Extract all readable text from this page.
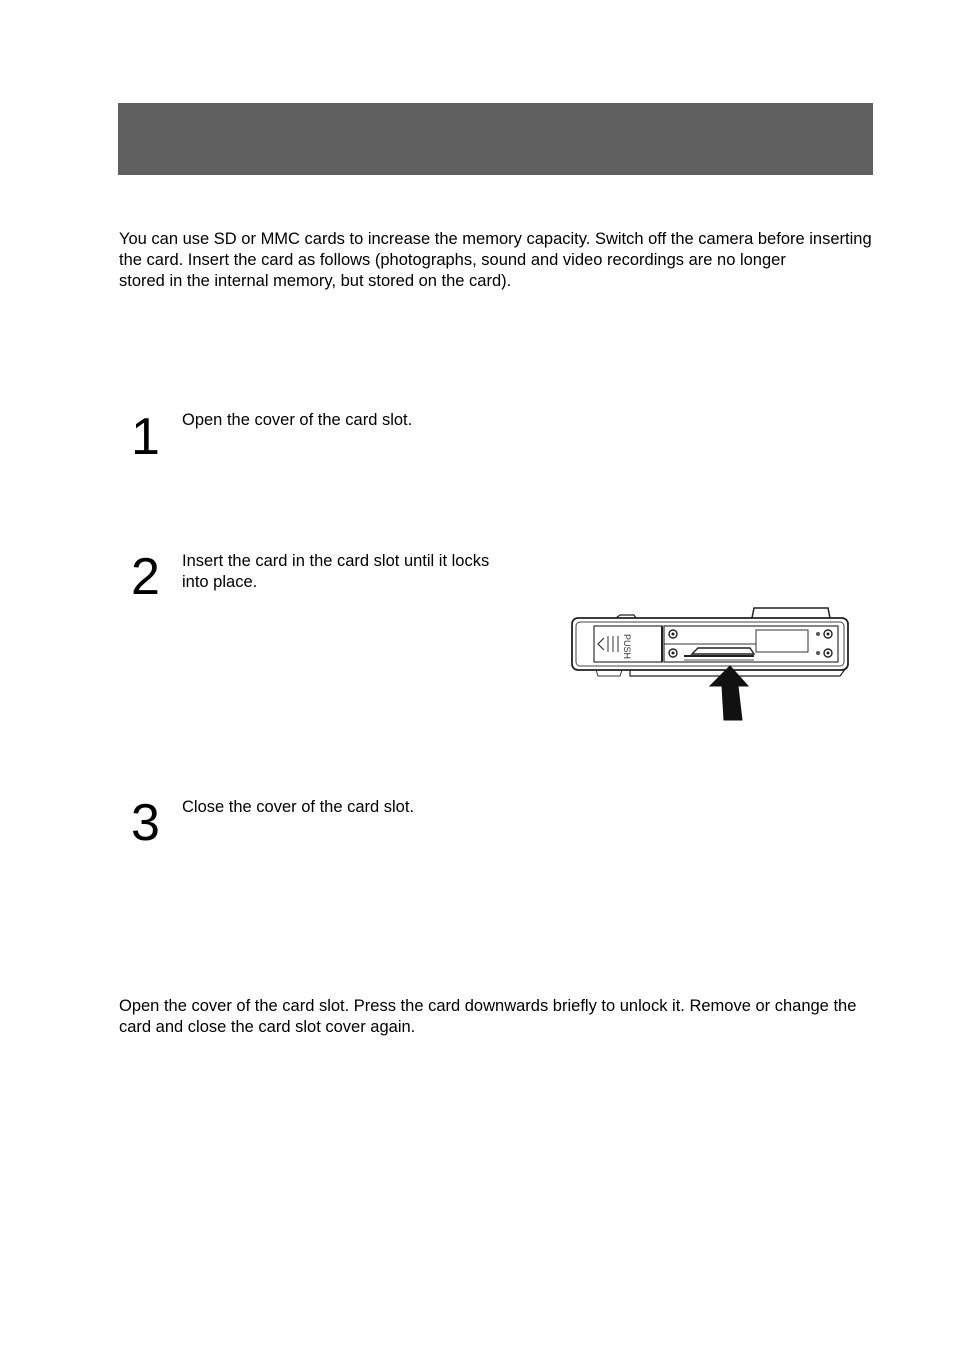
You can use SD or MMC cards to increase the memory capacity. Switch off the camera before inserting the card. Insert the card as follows (photographs, sound and video recordings are no longer

stored in the internal memory, but stored on the card).

1 Open the cover of the card slot.
2 Insert the card in the card slot until it locks into place.
PUSH
3 Close the cover of the card slot.
Open the cover of the card slot. Press the card downwards briefly to unlock it. Remove or change the card and close the card slot cover again.
